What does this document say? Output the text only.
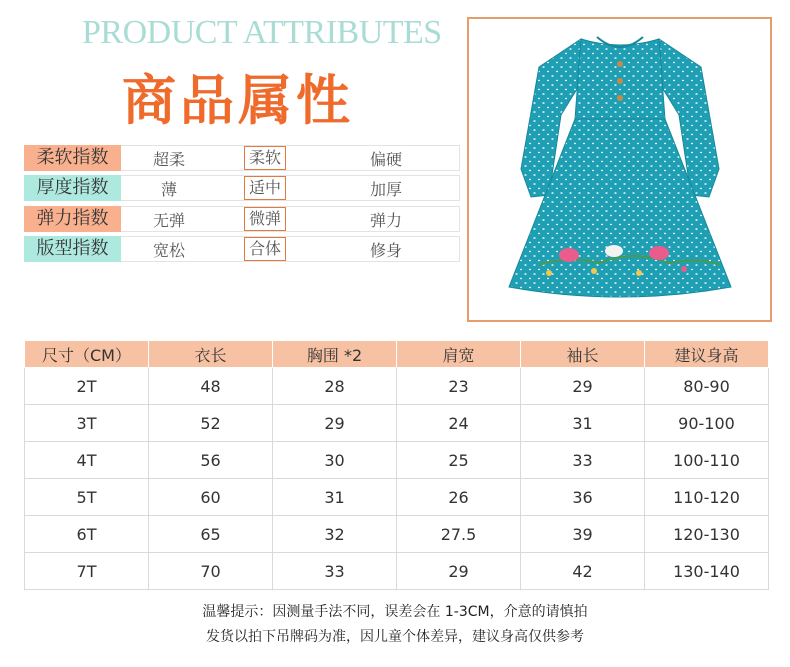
PRODUCT ATTRIBUTES
商品属性
柔软指数	超柔	柔软	偏硬
厚度指数	薄	适中	加厚
弹力指数	无弹	微弹	弹力
版型指数	宽松	合体	修身
尺寸（CM）	衣长	胸围 *2	肩宽	袖长	建议身高
2T	48	28	23	29	80-90
3T	52	29	24	31	90-100
4T	56	30	25	33	100-110
5T	60	31	26	36	110-120
6T	65	32	27.5	39	120-130
7T	70	33	29	42	130-140
温馨提示：因测量手法不同，误差会在 1-3CM，介意的请慎拍
发货以拍下吊牌码为准，因儿童个体差异，建议身高仅供参考
